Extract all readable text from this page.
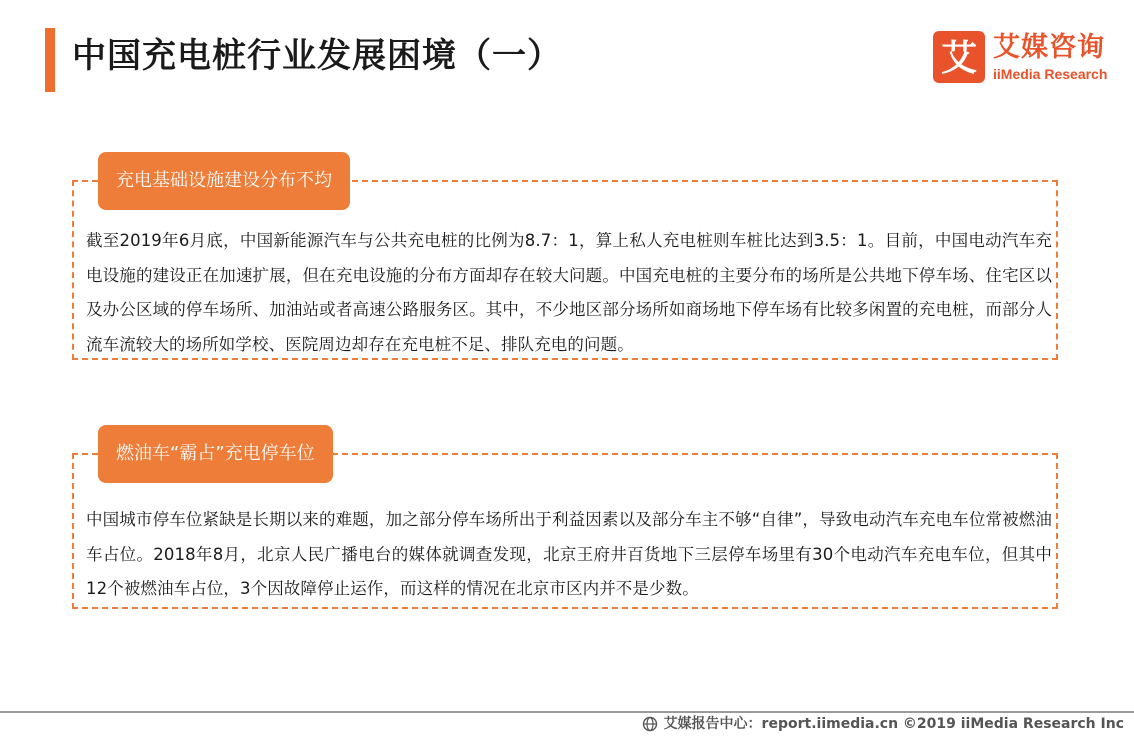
中国充电桩行业发展困境（一）	艾 艾媒咨询
iiMedia Research
充电基础设施建设分布不均
截至2019年6月底，中国新能源汽车与公共充电桩的比例为8.7：1，算上私人充电桩则车桩比达到3.5：1。目前，中国电动汽车充电设施的建设正在加速扩展，但在充电设施的分布方面却存在较大问题。中国充电桩的主要分布的场所是公共地下停车场、住宅区以及办公区域的停车场所、加油站或者高速公路服务区。其中，不少地区部分场所如商场地下停车场有比较多闲置的充电桩，而部分人流车流较大的场所如学校、医院周边却存在充电桩不足、排队充电的问题。
燃油车“霸占”充电停车位
中国城市停车位紧缺是长期以来的难题，加之部分停车场所出于利益因素以及部分车主不够“自律”，导致电动汽车充电车位常被燃油车占位。2018年8月，北京人民广播电台的媒体就调查发现，北京王府井百货地下三层停车场里有30个电动汽车充电车位，但其中12个被燃油车占位，3个因故障停止运作，而这样的情况在北京市区内并不是少数。
艾媒报告中心：report.iimedia.cn ©2019 iiMedia Research Inc
